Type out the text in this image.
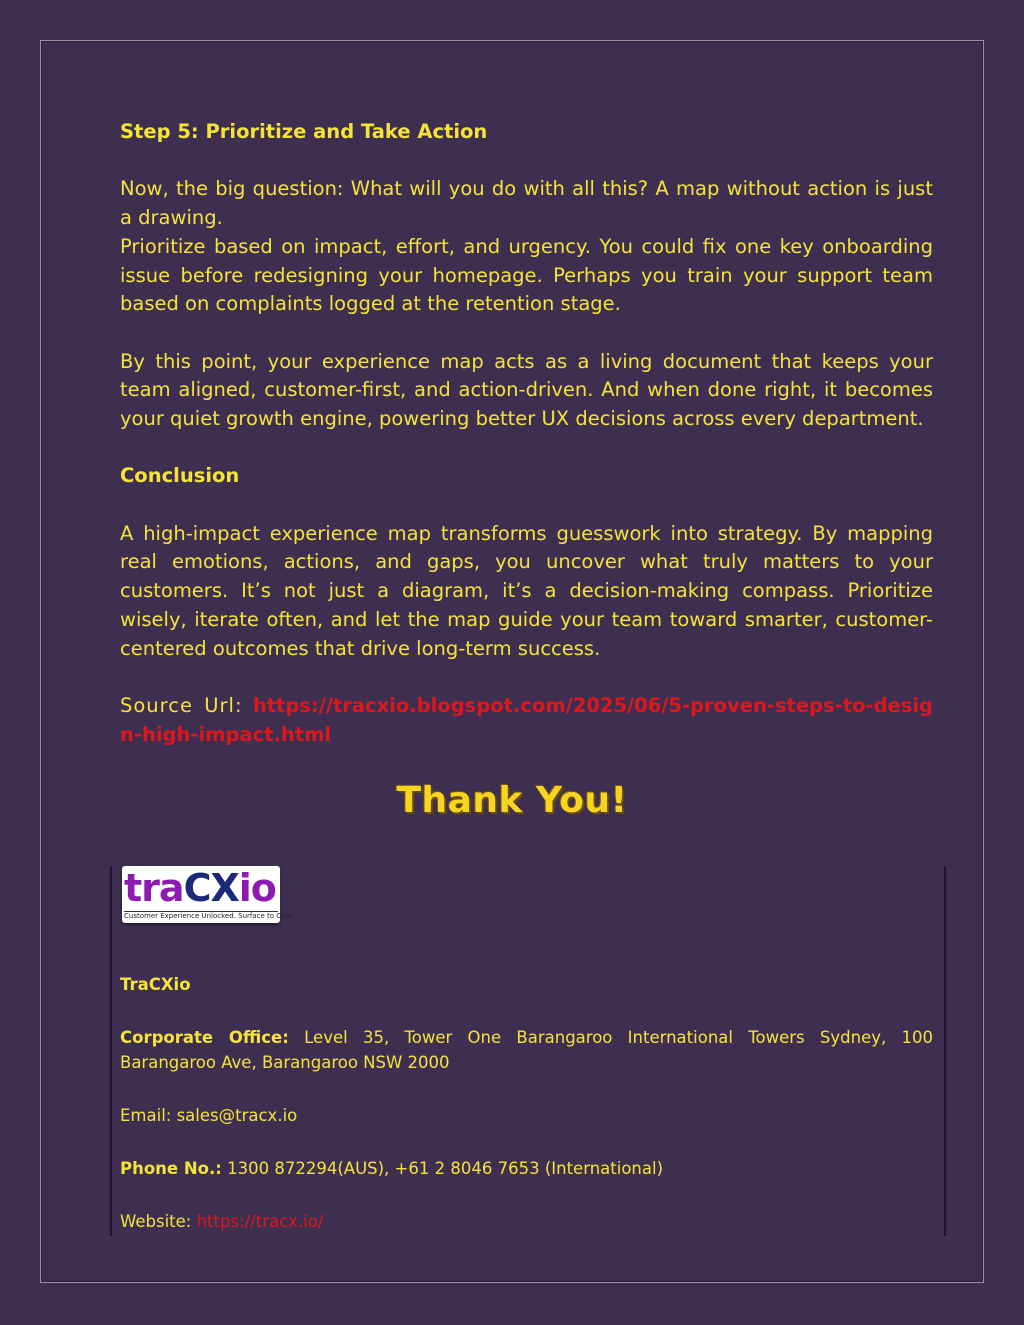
Step 5: Prioritize and Take Action

Now, the big question: What will you do with all this? A map without action is just a drawing.

Prioritize based on impact, effort, and urgency. You could fix one key onboarding issue before redesigning your homepage. Perhaps you train your support team based on complaints logged at the retention stage.

By this point, your experience map acts as a living document that keeps your team aligned, customer-first, and action-driven. And when done right, it becomes your quiet growth engine, powering better UX decisions across every department.

Conclusion

A high-impact experience map transforms guesswork into strategy. By mapping real emotions, actions, and gaps, you uncover what truly matters to your customers. It’s not just a diagram, it’s a decision-making compass. Prioritize wisely, iterate often, and let the map guide your team toward smarter, customer-centered outcomes that drive long-term success.

Source Url: https://tracxio.blogspot.com/2025/06/5-proven-steps-to-design-high-impact.html

Thank You!
traCXio
Customer Experience Unlocked. Surface to Core.

TraCXio

Corporate Office: Level 35, Tower One Barangaroo International Towers Sydney, 100 Barangaroo Ave, Barangaroo NSW 2000

Email: sales@tracx.io

Phone No.: 1300 872294(AUS), +61 2 8046 7653 (International)

Website: https://tracx.io/
